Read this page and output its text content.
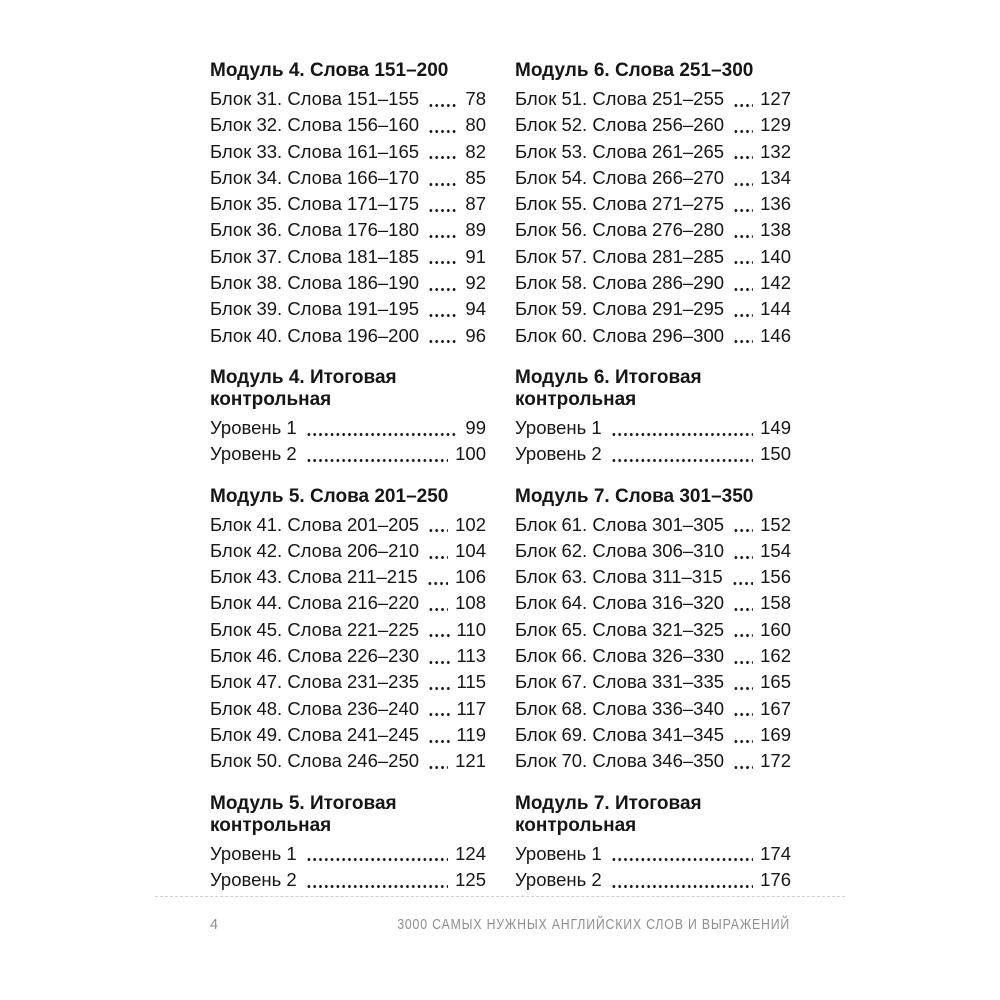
Модуль 4. Слова 151–200
Блок 31. Слова 151–155	78
Блок 32. Слова 156–160	80
Блок 33. Слова 161–165	82
Блок 34. Слова 166–170	85
Блок 35. Слова 171–175	87
Блок 36. Слова 176–180	89
Блок 37. Слова 181–185	91
Блок 38. Слова 186–190	92
Блок 39. Слова 191–195	94
Блок 40. Слова 196–200	96
Модуль 4. Итоговая контрольная
Уровень 1	99
Уровень 2	100
Модуль 5. Слова 201–250
Блок 41. Слова 201–205 102
Блок 42. Слова 206–210 104
Блок 43. Слова 211–215 106
Блок 44. Слова 216–220 108
Блок 45. Слова 221–225 110
Блок 46. Слова 226–230 113
Блок 47. Слова 231–235 115
Блок 48. Слова 236–240 117
Блок 49. Слова 241–245 119
Блок 50. Слова 246–250 121
Модуль 5. Итоговая контрольная
Уровень 1	124
Уровень 2	125
Модуль 6. Слова 251–300
Блок 51. Слова 251–255 127
Блок 52. Слова 256–260 129
Блок 53. Слова 261–265 132
Блок 54. Слова 266–270 134
Блок 55. Слова 271–275 136
Блок 56. Слова 276–280 138
Блок 57. Слова 281–285 140
Блок 58. Слова 286–290 142
Блок 59. Слова 291–295 144
Блок 60. Слова 296–300 146
Модуль 6. Итоговая контрольная
Уровень 1	149
Уровень 2	150
Модуль 7. Слова 301–350
Блок 61. Слова 301–305 152
Блок 62. Слова 306–310 154
Блок 63. Слова 311–315 156
Блок 64. Слова 316–320 158
Блок 65. Слова 321–325 160
Блок 66. Слова 326–330 162
Блок 67. Слова 331–335 165
Блок 68. Слова 336–340 167
Блок 69. Слова 341–345 169
Блок 70. Слова 346–350 172
Модуль 7. Итоговая контрольная
Уровень 1	174
Уровень 2	176
4	3000 САМЫХ НУЖНЫХ АНГЛИЙСКИХ СЛОВ И ВЫРАЖЕНИЙ
